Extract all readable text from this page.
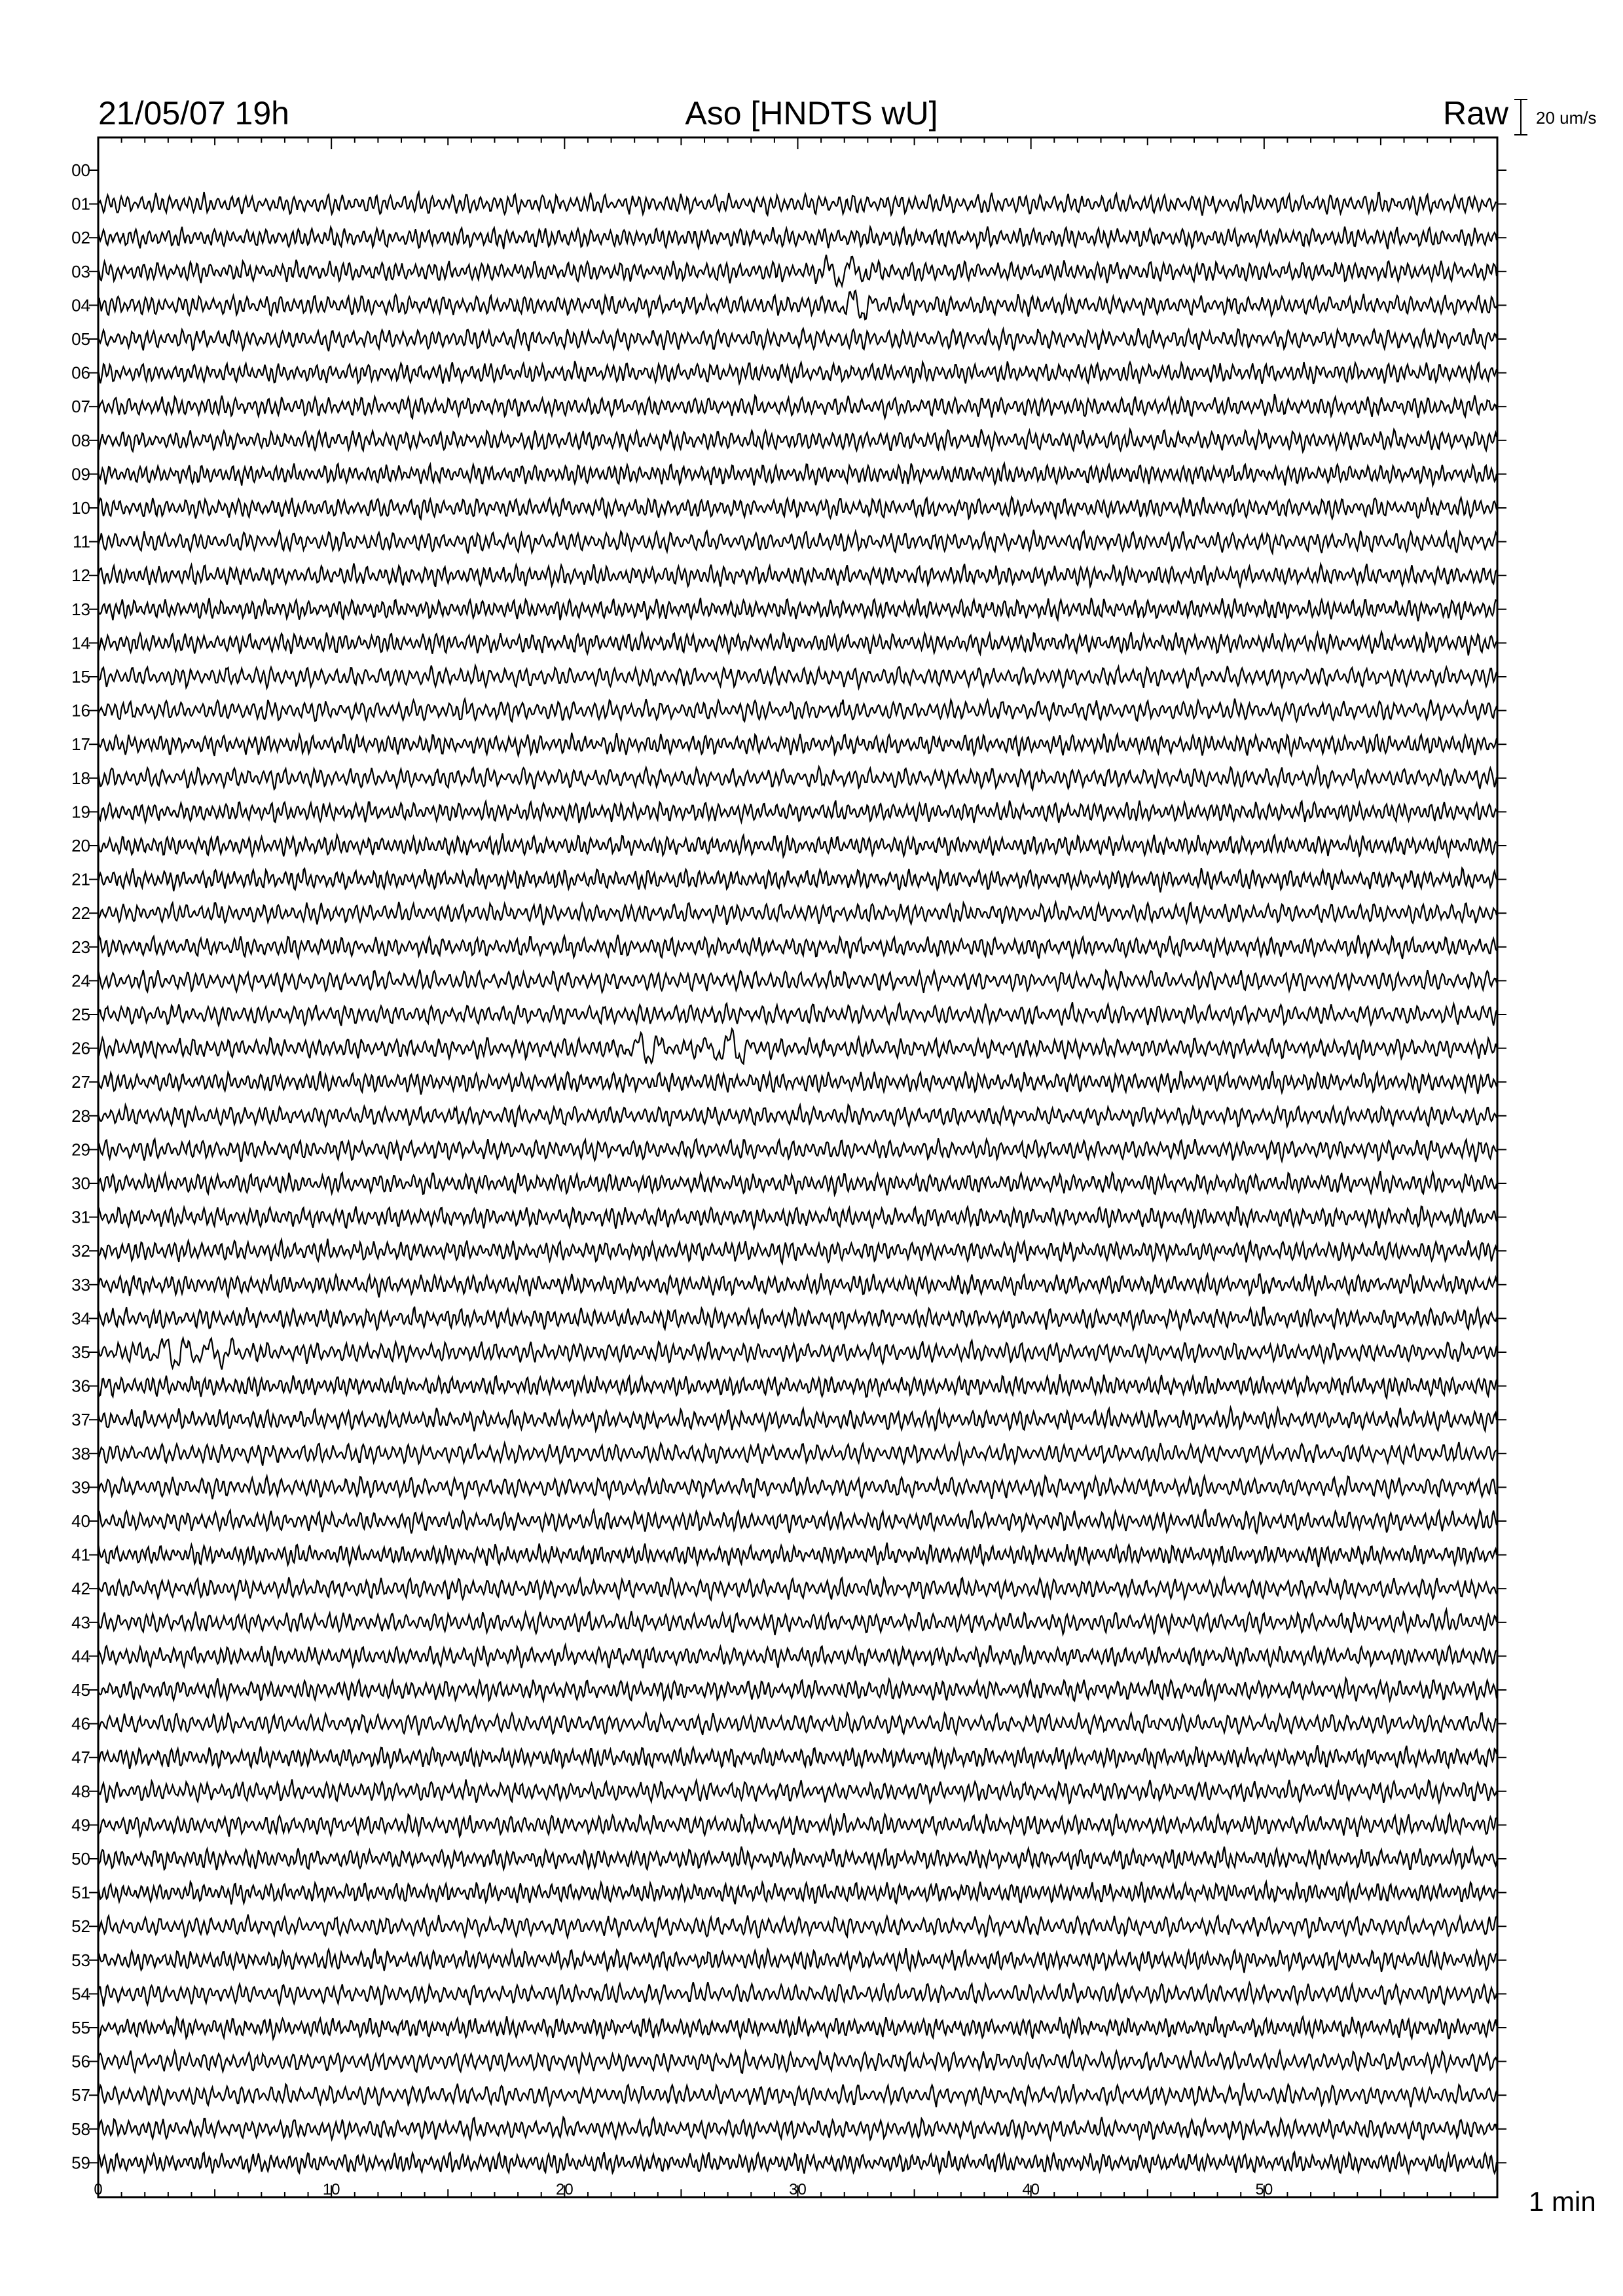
21/05/07 19h	Aso [HNDTS wU]	Raw 20 um/s
1 min
00
01
02
03
04
05
06
07
08
09
10
11
12
13
14
15
16
17
18
19
20
21
22
23
24
25
26
27
28
29
30
31
32
33
34
35
36
37
38
39
40
41
42
43
44
45
46
47
48
49
50
51
52
53
54
55
56
57
58
59
0	10	20	30	40	50
